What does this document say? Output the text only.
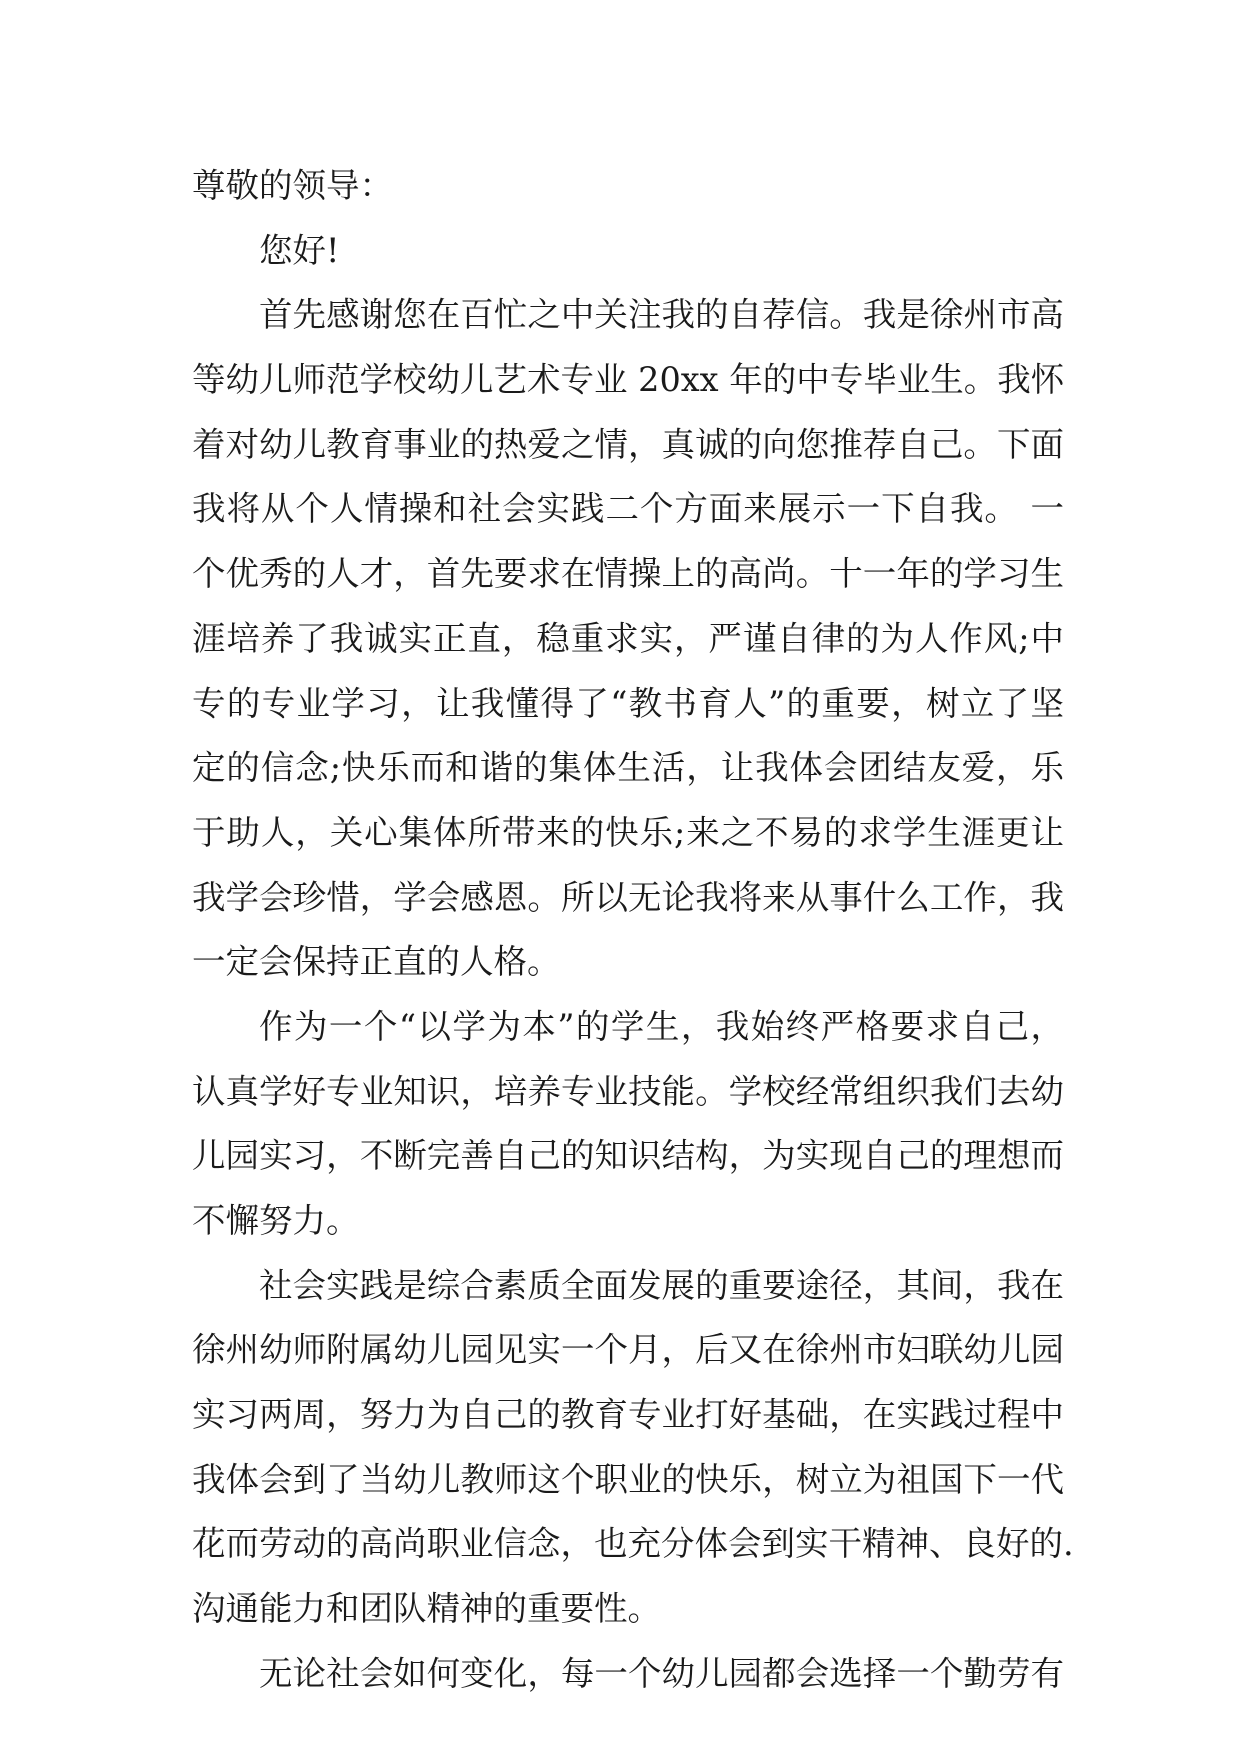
尊敬的领导：
您好!
首先感谢您在百忙之中关注我的自荐信。我是徐州市高
等幼儿师范学校幼儿艺术专业 20xx 年的中专毕业生。我怀
着对幼儿教育事业的热爱之情，真诚的向您推荐自己。下面
我将从个人情操和社会实践二个方面来展示一下自我。 一
个优秀的人才，首先要求在情操上的高尚。十一年的学习生
涯培养了我诚实正直，稳重求实，严谨自律的为人作风;中
专的专业学习，让我懂得了“教书育人”的重要，树立了坚
定的信念;快乐而和谐的集体生活，让我体会团结友爱，乐
于助人，关心集体所带来的快乐;来之不易的求学生涯更让
我学会珍惜，学会感恩。所以无论我将来从事什么工作，我
一定会保持正直的人格。
作为一个“以学为本”的学生，我始终严格要求自己，
认真学好专业知识，培养专业技能。学校经常组织我们去幼
儿园实习，不断完善自己的知识结构，为实现自己的理想而
不懈努力。
社会实践是综合素质全面发展的重要途径，其间，我在
徐州幼师附属幼儿园见实一个月，后又在徐州市妇联幼儿园
实习两周，努力为自己的教育专业打好基础，在实践过程中
我体会到了当幼儿教师这个职业的快乐，树立为祖国下一代
花而劳动的高尚职业信念，也充分体会到实干精神、良好的.
沟通能力和团队精神的重要性。
无论社会如何变化，每一个幼儿园都会选择一个勤劳有
